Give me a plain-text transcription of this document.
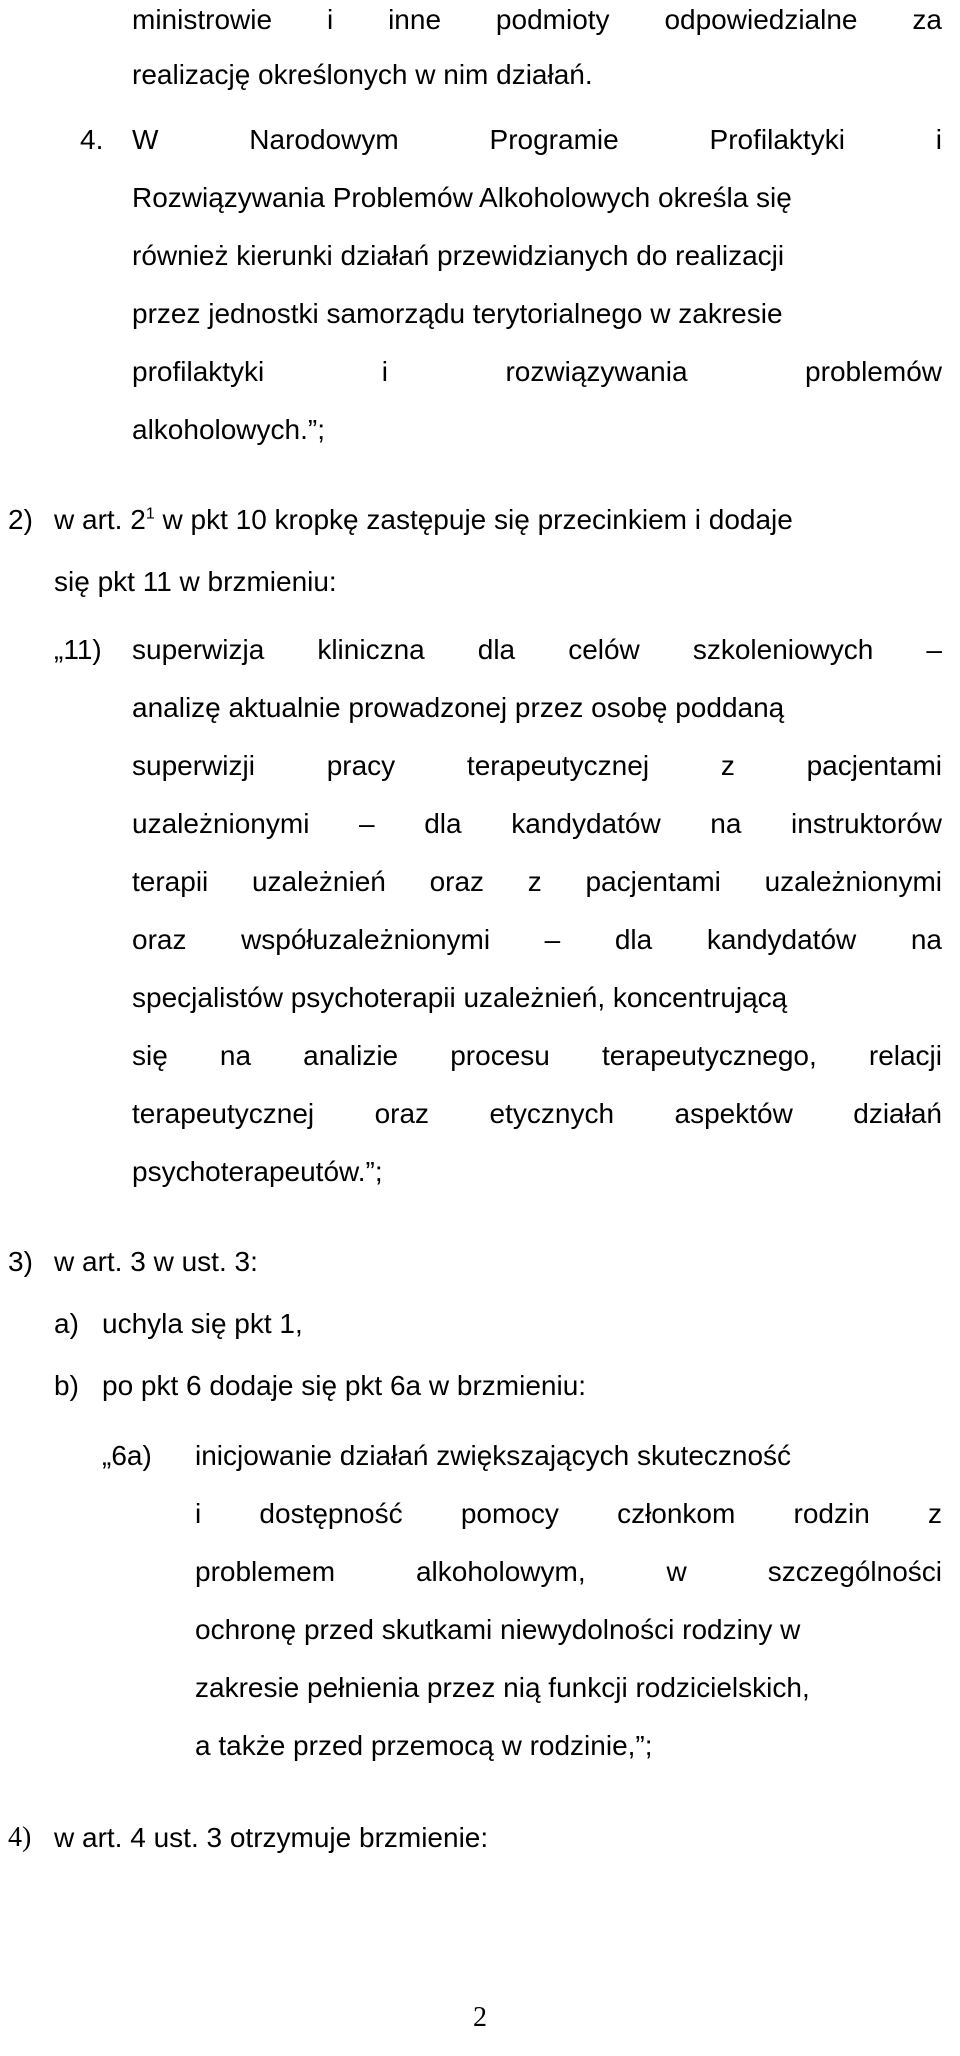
ministrowie i inne podmioty odpowiedzialne za
realizację określonych w nim działań.
4. W Narodowym Programie Profilaktyki i
Rozwiązywania Problemów Alkoholowych określa się
również kierunki działań przewidzianych do realizacji
przez jednostki samorządu terytorialnego w zakresie
profilaktyki i rozwiązywania problemów
alkoholowych.”;
2) w art. $2^1$ w pkt 10 kropkę zastępuje się przecinkiem i dodaje
się pkt 11 w brzmieniu:
„11) superwizja kliniczna dla celów szkoleniowych –
analizę aktualnie prowadzonej przez osobę poddaną
superwizji pracy terapeutycznej z pacjentami
uzależnionymi – dla kandydatów na instruktorów
terapii uzależnień oraz z pacjentami uzależnionymi
oraz współuzależnionymi – dla kandydatów na
specjalistów psychoterapii uzależnień, koncentrującą
się na analizie procesu terapeutycznego, relacji
terapeutycznej oraz etycznych aspektów działań
psychoterapeutów.”;
3) w art. 3 w ust. 3:
a) uchyla się pkt 1,
b) po pkt 6 dodaje się pkt 6a w brzmieniu:
„6a) inicjowanie działań zwiększających skuteczność
i dostępność pomocy członkom rodzin z
problemem alkoholowym, w szczególności
ochronę przed skutkami niewydolności rodziny w
zakresie pełnienia przez nią funkcji rodzicielskich,
a także przed przemocą w rodzinie,”;
4) w art. 4 ust. 3 otrzymuje brzmienie:
2
